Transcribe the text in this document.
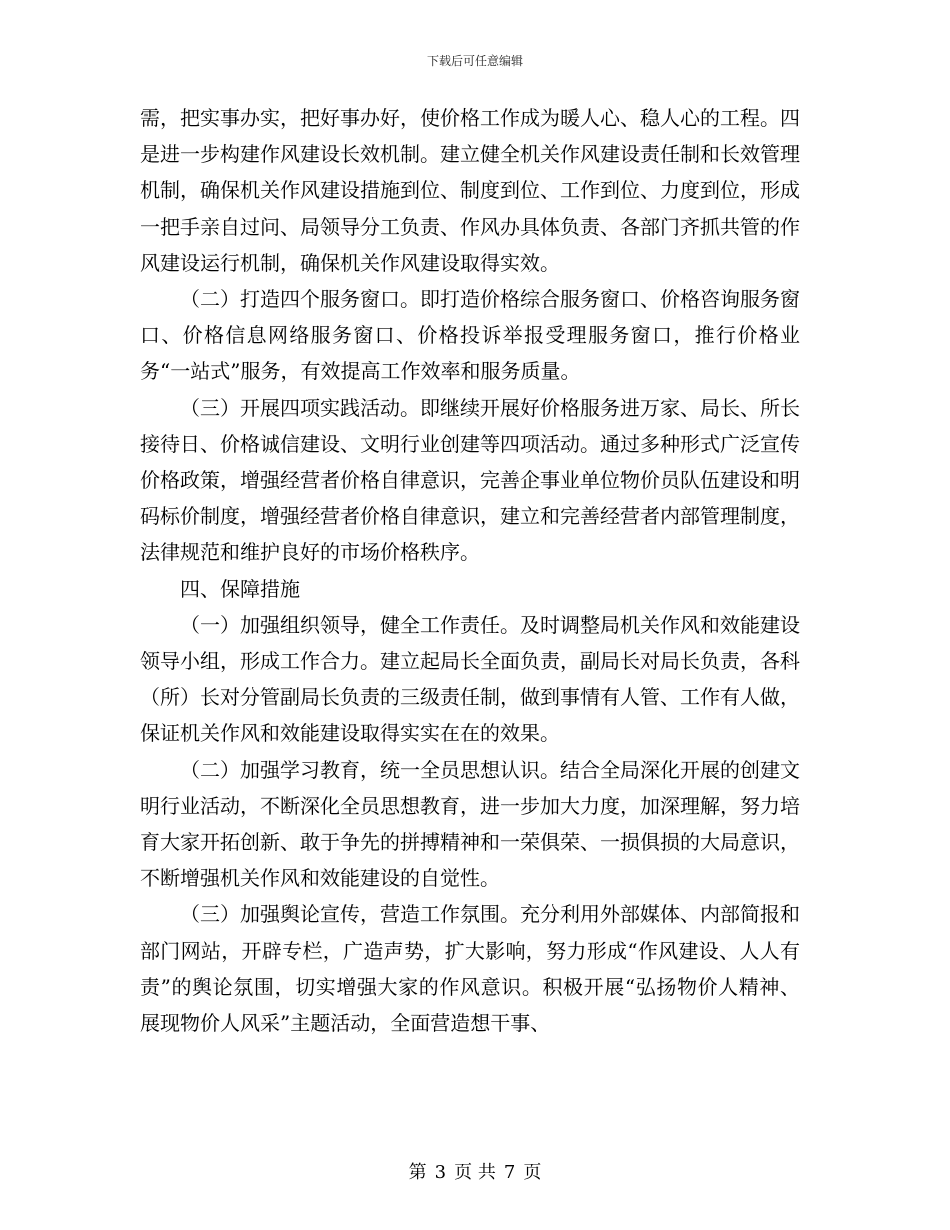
下载后可任意编辑

需，把实事办实，把好事办好，使价格工作成为暖人心、稳人心的工程。四是进一步构建作风建设长效机制。建立健全机关作风建设责任制和长效管理机制，确保机关作风建设措施到位、制度到位、工作到位、力度到位，形成一把手亲自过问、局领导分工负责、作风办具体负责、各部门齐抓共管的作风建设运行机制，确保机关作风建设取得实效。

（二）打造四个服务窗口。即打造价格综合服务窗口、价格咨询服务窗口、价格信息网络服务窗口、价格投诉举报受理服务窗口，推行价格业务“一站式”服务，有效提高工作效率和服务质量。

（三）开展四项实践活动。即继续开展好价格服务进万家、局长、所长接待日、价格诚信建设、文明行业创建等四项活动。通过多种形式广泛宣传价格政策，增强经营者价格自律意识，完善企事业单位物价员队伍建设和明码标价制度，增强经营者价格自律意识，建立和完善经营者内部管理制度，法律规范和维护良好的市场价格秩序。

四、保障措施

（一）加强组织领导，健全工作责任。及时调整局机关作风和效能建设领导小组，形成工作合力。建立起局长全面负责，副局长对局长负责，各科（所）长对分管副局长负责的三级责任制，做到事情有人管、工作有人做，保证机关作风和效能建设取得实实在在的效果。

（二）加强学习教育，统一全员思想认识。结合全局深化开展的创建文明行业活动，不断深化全员思想教育，进一步加大力度，加深理解，努力培育大家开拓创新、敢于争先的拼搏精神和一荣俱荣、一损俱损的大局意识，不断增强机关作风和效能建设的自觉性。

（三）加强舆论宣传，营造工作氛围。充分利用外部媒体、内部简报和部门网站，开辟专栏，广造声势，扩大影响，努力形成“作风建设、人人有责”的舆论氛围，切实增强大家的作风意识。积极开展“弘扬物价人精神、展现物价人风采”主题活动，全面营造想干事、

第 3 页 共 7 页
